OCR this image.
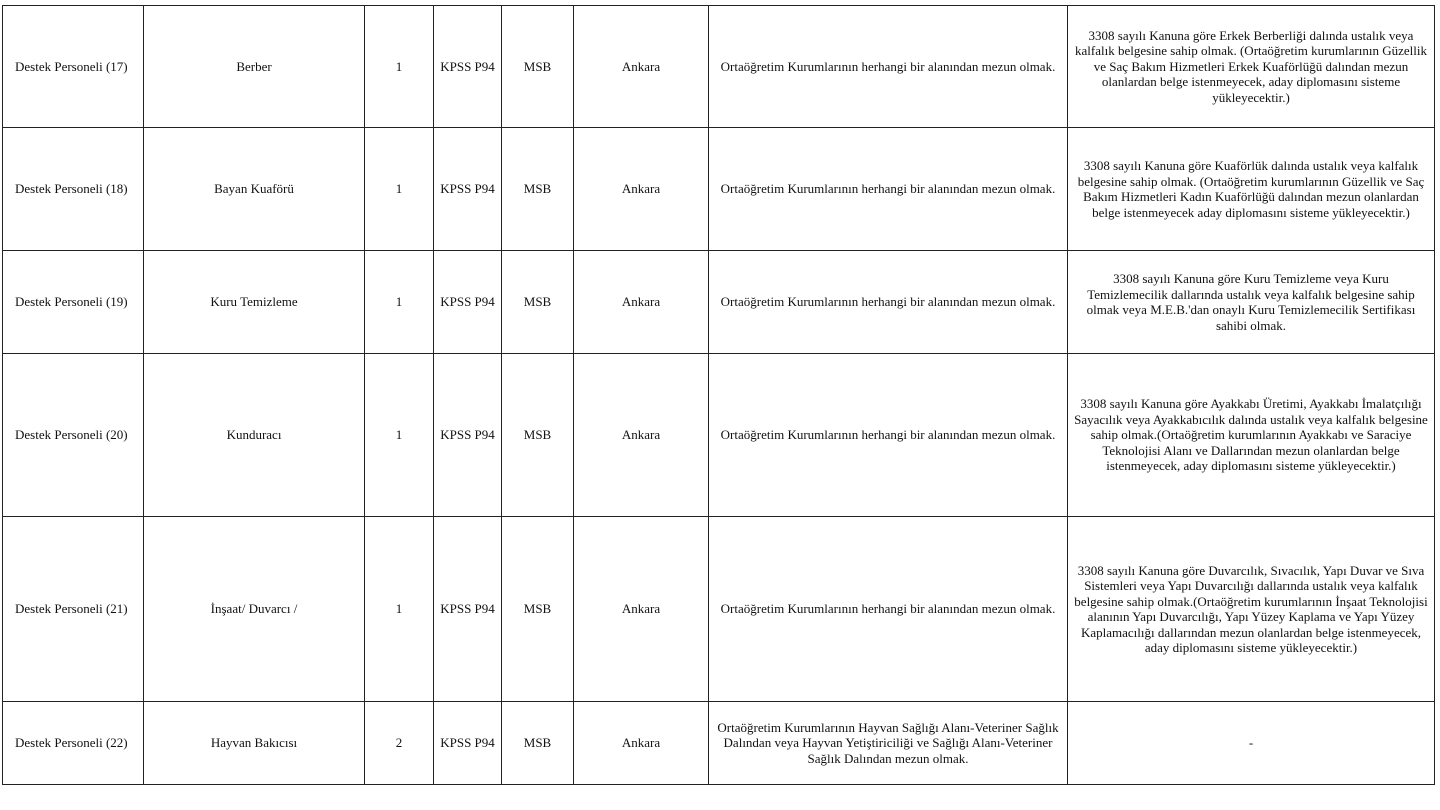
Destek Personeli (17)	Berber	1	KPSS P94	MSB	Ankara	Ortaöğretim Kurumlarının herhangi bir alanından mezun olmak.	3308 sayılı Kanuna göre Erkek Berberliği dalında ustalık veya kalfalık belgesine sahip olmak. (Ortaöğretim kurumlarının Güzellik ve Saç Bakım Hizmetleri Erkek Kuaförlüğü dalından mezun olanlardan belge istenmeyecek, aday diplomasını sisteme yükleyecektir.)
Destek Personeli (18)	Bayan Kuaförü	1	KPSS P94	MSB	Ankara	Ortaöğretim Kurumlarının herhangi bir alanından mezun olmak.	3308 sayılı Kanuna göre Kuaförlük dalında ustalık veya kalfalık belgesine sahip olmak. (Ortaöğretim kurumlarının Güzellik ve Saç Bakım Hizmetleri Kadın Kuaförlüğü dalından mezun olanlardan belge istenmeyecek aday diplomasını sisteme yükleyecektir.)
Destek Personeli (19)	Kuru Temizleme	1	KPSS P94	MSB	Ankara	Ortaöğretim Kurumlarının herhangi bir alanından mezun olmak.	3308 sayılı Kanuna göre Kuru Temizleme veya Kuru Temizlemecilik dallarında ustalık veya kalfalık belgesine sahip olmak veya M.E.B.'dan onaylı Kuru Temizlemecilik Sertifikası sahibi olmak.
Destek Personeli (20)	Kunduracı	1	KPSS P94	MSB	Ankara	Ortaöğretim Kurumlarının herhangi bir alanından mezun olmak.	3308 sayılı Kanuna göre Ayakkabı Üretimi, Ayakkabı İmalatçılığı Sayacılık veya Ayakkabıcılık dalında ustalık veya kalfalık belgesine sahip olmak.(Ortaöğretim kurumlarının Ayakkabı ve Saraciye Teknolojisi Alanı ve Dallarından mezun olanlardan belge istenmeyecek, aday diplomasını sisteme yükleyecektir.)
Destek Personeli (21)	İnşaat/ Duvarcı /	1	KPSS P94	MSB	Ankara	Ortaöğretim Kurumlarının herhangi bir alanından mezun olmak.	3308 sayılı Kanuna göre Duvarcılık, Sıvacılık, Yapı Duvar ve Sıva Sistemleri veya Yapı Duvarcılığı dallarında ustalık veya kalfalık belgesine sahip olmak.(Ortaöğretim kurumlarının İnşaat Teknolojisi alanının Yapı Duvarcılığı, Yapı Yüzey Kaplama ve Yapı Yüzey Kaplamacılığı dallarından mezun olanlardan belge istenmeyecek, aday diplomasını sisteme yükleyecektir.)
Destek Personeli (22)	Hayvan Bakıcısı	2	KPSS P94	MSB	Ankara	Ortaöğretim Kurumlarının Hayvan Sağlığı Alanı-Veteriner Sağlık Dalından veya Hayvan Yetiştiriciliği ve Sağlığı Alanı-Veteriner Sağlık Dalından mezun olmak.	-
